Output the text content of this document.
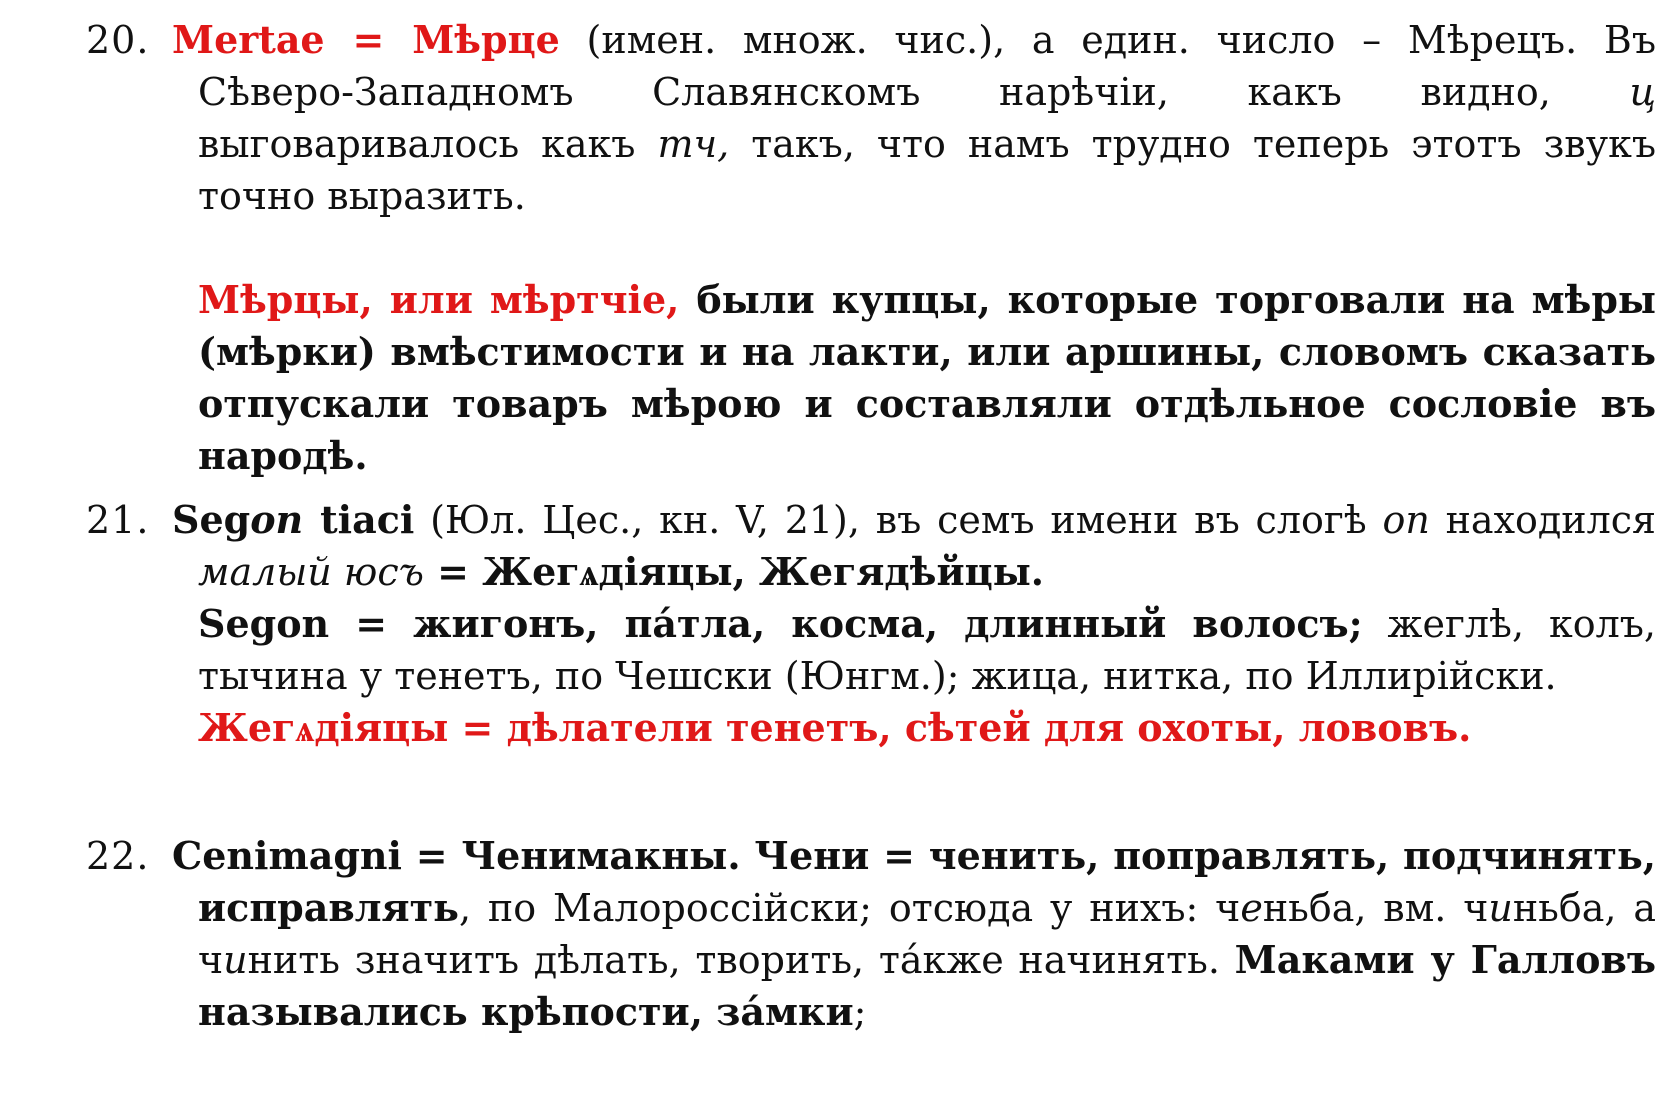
20. Mertae = Мѣрце (имен. множ. чис.), а един. число – Мѣрецъ. Въ Сѣверо-Западномъ Славянскомъ нарѣчіи, какъ видно, ц выговаривалось какъ тч, такъ, что намъ трудно теперь этотъ звукъ точно выразить.
Мѣрцы, или мѣртчіе, были купцы, которые торговали на мѣры (мѣрки) вмѣстимости и на лакти, или аршины, словомъ сказать отпускали товаръ мѣрою и составляли отдѣльное сословіе въ народѣ.
21. Segon tiaci (Юл. Цес., кн. V, 21), въ семъ имени въ слогѣ on находился малый юсъ = Жегѧдіяцы, Жегядѣйцы.
Segon = жигонъ, па́тла, косма, длинный волосъ; жеглѣ, колъ, тычина у тенетъ, по Чешски (Юнгм.); жица, нитка, по Иллирійски.
Жегѧдіяцы = дѣлатели тенетъ, сѣтей для охоты, лововъ.
22. Cenimagni = Ченимакны. Чени = ченить, поправлять, подчинять, исправлять, по Малороссійски; отсюда у нихъ: ченьба, вм. чиньба, а чинить значитъ дѣлать, творить, та́кже начинять. Маками у Галловъ назывались крѣпости, за́мки;
